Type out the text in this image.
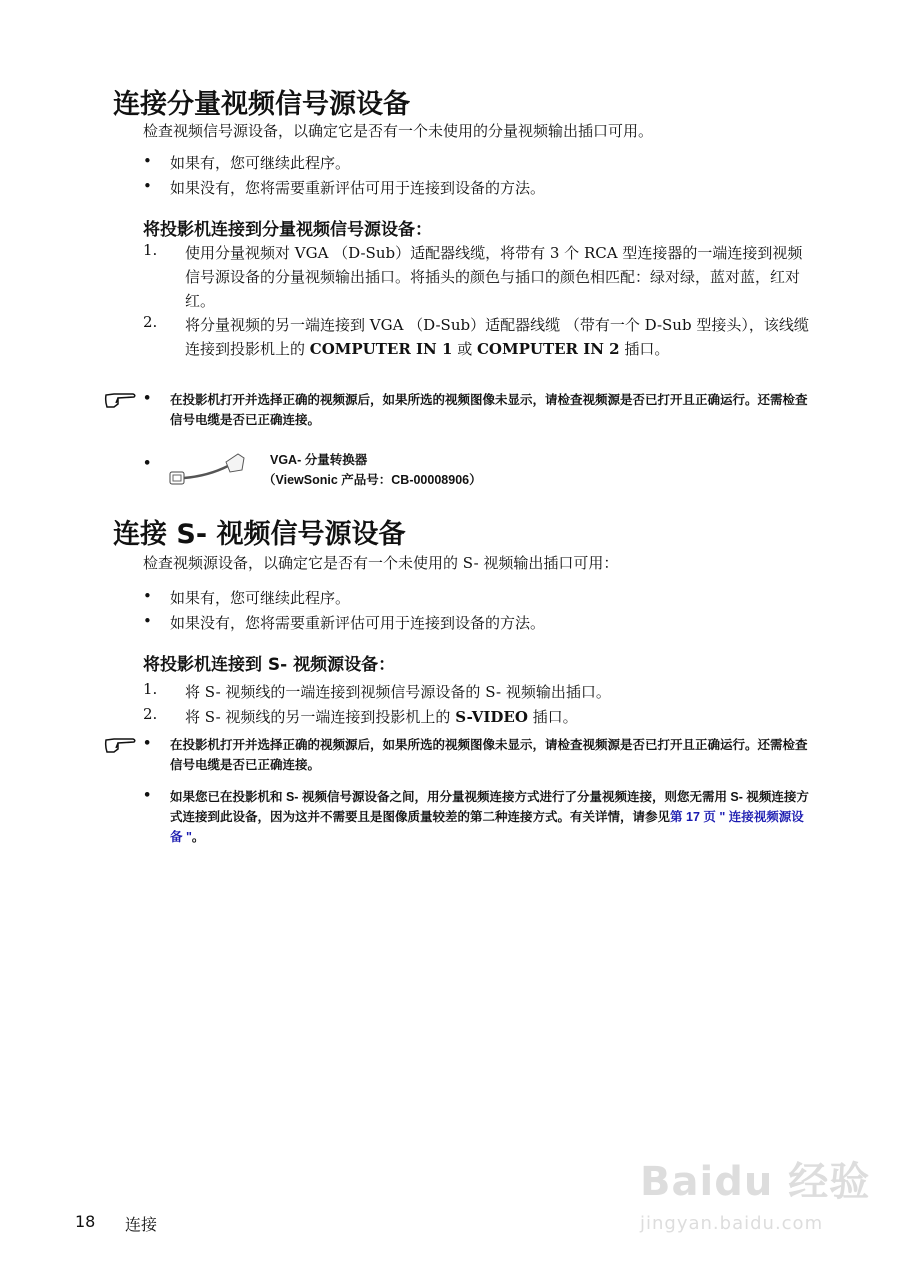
连接分量视频信号源设备
检查视频信号源设备，以确定它是否有一个未使用的分量视频输出插口可用。
• 如果有，您可继续此程序。
• 如果没有，您将需要重新评估可用于连接到设备的方法。
将投影机连接到分量视频信号源设备：
1. 使用分量视频对 VGA （D-Sub）适配器线缆，将带有 3 个 RCA 型连接器的一端连接到视频信号源设备的分量视频输出插口。将插头的颜色与插口的颜色相匹配：绿对绿，蓝对蓝，红对红。
2. 将分量视频的另一端连接到 VGA （D-Sub）适配器线缆 （带有一个 D-Sub 型接头），该线缆连接到投影机上的 COMPUTER IN 1 或 COMPUTER IN 2 插口。
• 在投影机打开并选择正确的视频源后，如果所选的视频图像未显示，请检查视频源是否已打开且正确运行。还需检查信号电缆是否已正确连接。
•	VGA- 分量转换器
（ViewSonic 产品号：CB-00008906）
连接 S- 视频信号源设备
检查视频源设备，以确定它是否有一个未使用的 S- 视频输出插口可用：
• 如果有，您可继续此程序。
• 如果没有，您将需要重新评估可用于连接到设备的方法。
将投影机连接到 S- 视频源设备：
1. 将 S- 视频线的一端连接到视频信号源设备的 S- 视频输出插口。
2. 将 S- 视频线的另一端连接到投影机上的 S-VIDEO 插口。
• 在投影机打开并选择正确的视频源后，如果所选的视频图像未显示，请检查视频源是否已打开且正确运行。还需检查信号电缆是否已正确连接。
• 如果您已在投影机和 S- 视频信号源设备之间，用分量视频连接方式进行了分量视频连接，则您无需用 S- 视频连接方式连接到此设备，因为这并不需要且是图像质量较差的第二种连接方式。有关详情，请参见第 17 页 " 连接视频源设备 "。
18 连接
Baidu 经验
jingyan.baidu.com
